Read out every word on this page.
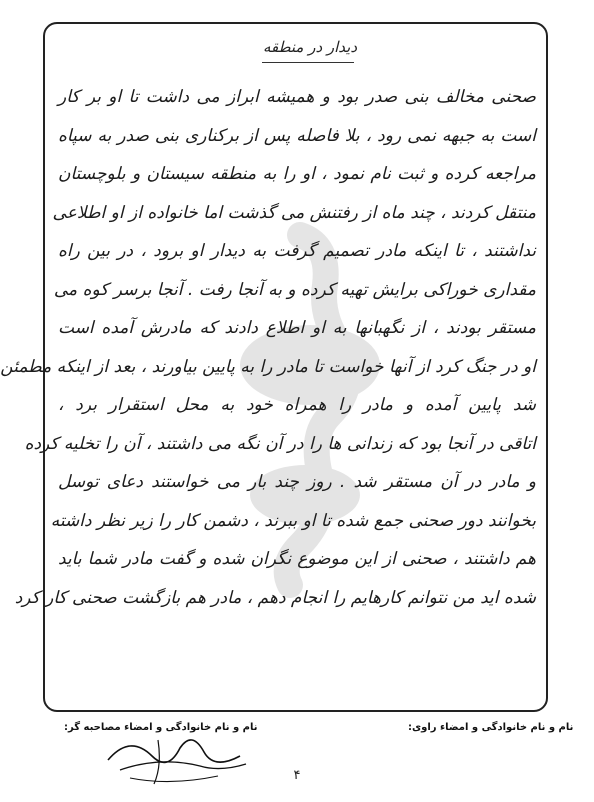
دیدار در منطقه
صحنی مخالف بنی صدر بود و همیشه ابراز می داشت تا او بر کار
است به جبهه نمی رود ، بلا فاصله پس از برکناری بنی صدر به سپاه
مراجعه کرده و ثبت نام نمود ، او را به منطقه سیستان و بلوچستان
منتقل کردند ، چند ماه از رفتنش می گذشت اما خانواده از او اطلاعی
نداشتند ، تا اینکه مادر تصمیم گرفت به دیدار او برود ، در بین راه
مقداری خوراکی برایش تهیه کرده و به آنجا رفت . آنجا برسر کوه می
مستقر بودند ، از نگهبانها به او اطلاع دادند که مادرش آمده است
او در جنگ کرد از آنها خواست تا مادر را به پایین بیاورند ، بعد از اینکه مطمئن
شد پایین آمده و مادر را همراه خود به محل استقرار برد ،
اتاقی در آنجا بود که زندانی ها را در آن نگه می داشتند ، آن را تخلیه کرده
و مادر در آن مستقر شد . روز چند بار می خواستند دعای توسل
بخوانند دور صحنی جمع شده تا او ببرند ، دشمن کار را زیر نظر داشته
هم داشتند ، صحنی از این موضوع نگران شده و گفت مادر شما باید
شده اید من نتوانم کارهایم را انجام دهم ، مادر هم بازگشت صحنی کار کرد
نام و نام خانوادگی و امضاء راوی:
نام و نام خانوادگی و امضاء مصاحبه گر:
۴
